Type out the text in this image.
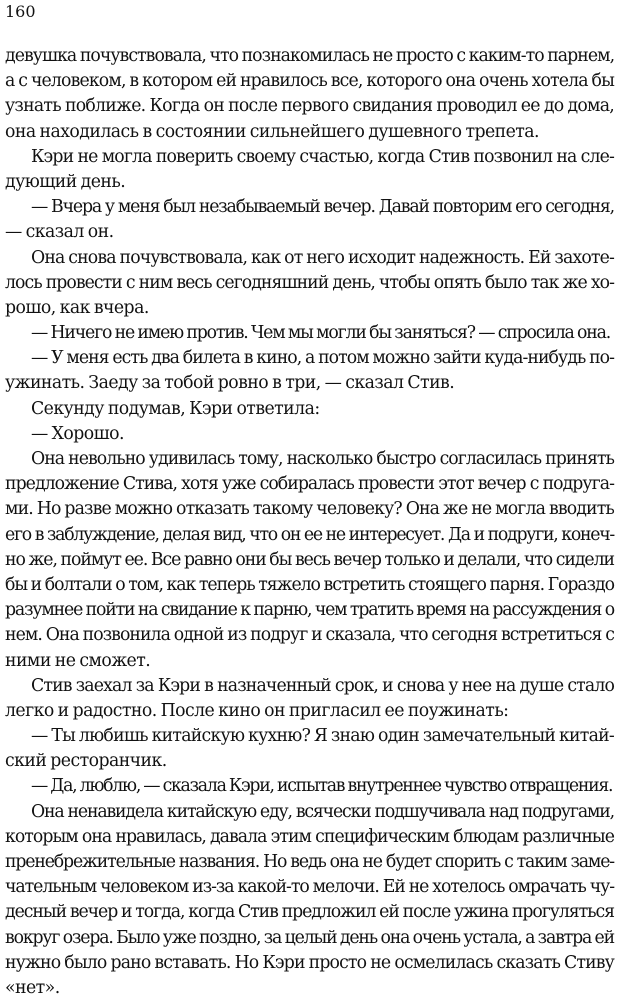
160

девушка почувствовала, что познакомилась не просто с каким-то парнем,
а с человеком, в котором ей нравилось все, которого она очень хотела бы
узнать поближе. Когда он после первого свидания проводил ее до дома,
она находилась в состоянии сильнейшего душевного трепета.

Кэри не могла поверить своему счастью, когда Стив позвонил на сле-
дующий день.

— Вчера у меня был незабываемый вечер. Давай повторим его сегодня,
— сказал он.

Она снова почувствовала, как от него исходит надежность. Ей захоте-
лось провести с ним весь сегодняшний день, чтобы опять было так же хо-
рошо, как вчера.

— Ничего не имею против. Чем мы могли бы заняться? — спросила она.

— У меня есть два билета в кино, а потом можно зайти куда-нибудь по-
ужинать. Заеду за тобой ровно в три, — сказал Стив.

Секунду подумав, Кэри ответила:

— Хорошо.

Она невольно удивилась тому, насколько быстро согласилась принять
предложение Стива, хотя уже собиралась провести этот вечер с подруга-
ми. Но разве можно отказать такому человеку? Она же не могла вводить
его в заблуждение, делая вид, что он ее не интересует. Да и подруги, конеч-
но же, поймут ее. Все равно они бы весь вечер только и делали, что сидели
бы и болтали о том, как теперь тяжело встретить стоящего парня. Гораздо
разумнее пойти на свидание к парню, чем тратить время на рассуждения о
нем. Она позвонила одной из подруг и сказала, что сегодня встретиться с
ними не сможет.

Стив заехал за Кэри в назначенный срок, и снова у нее на душе стало
легко и радостно. После кино он пригласил ее поужинать:

— Ты любишь китайскую кухню? Я знаю один замечательный китай-
ский ресторанчик.

— Да, люблю, — сказала Кэри, испытав внутреннее чувство отвращения.

Она ненавидела китайскую еду, всячески подшучивала над подругами,
которым она нравилась, давала этим специфическим блюдам различные
пренебрежительные названия. Но ведь она не будет спорить с таким заме-
чательным человеком из-за какой-то мелочи. Ей не хотелось омрачать чу-
десный вечер и тогда, когда Стив предложил ей после ужина прогуляться
вокруг озера. Было уже поздно, за целый день она очень устала, а завтра ей
нужно было рано вставать. Но Кэри просто не осмелилась сказать Стиву
«нет».
